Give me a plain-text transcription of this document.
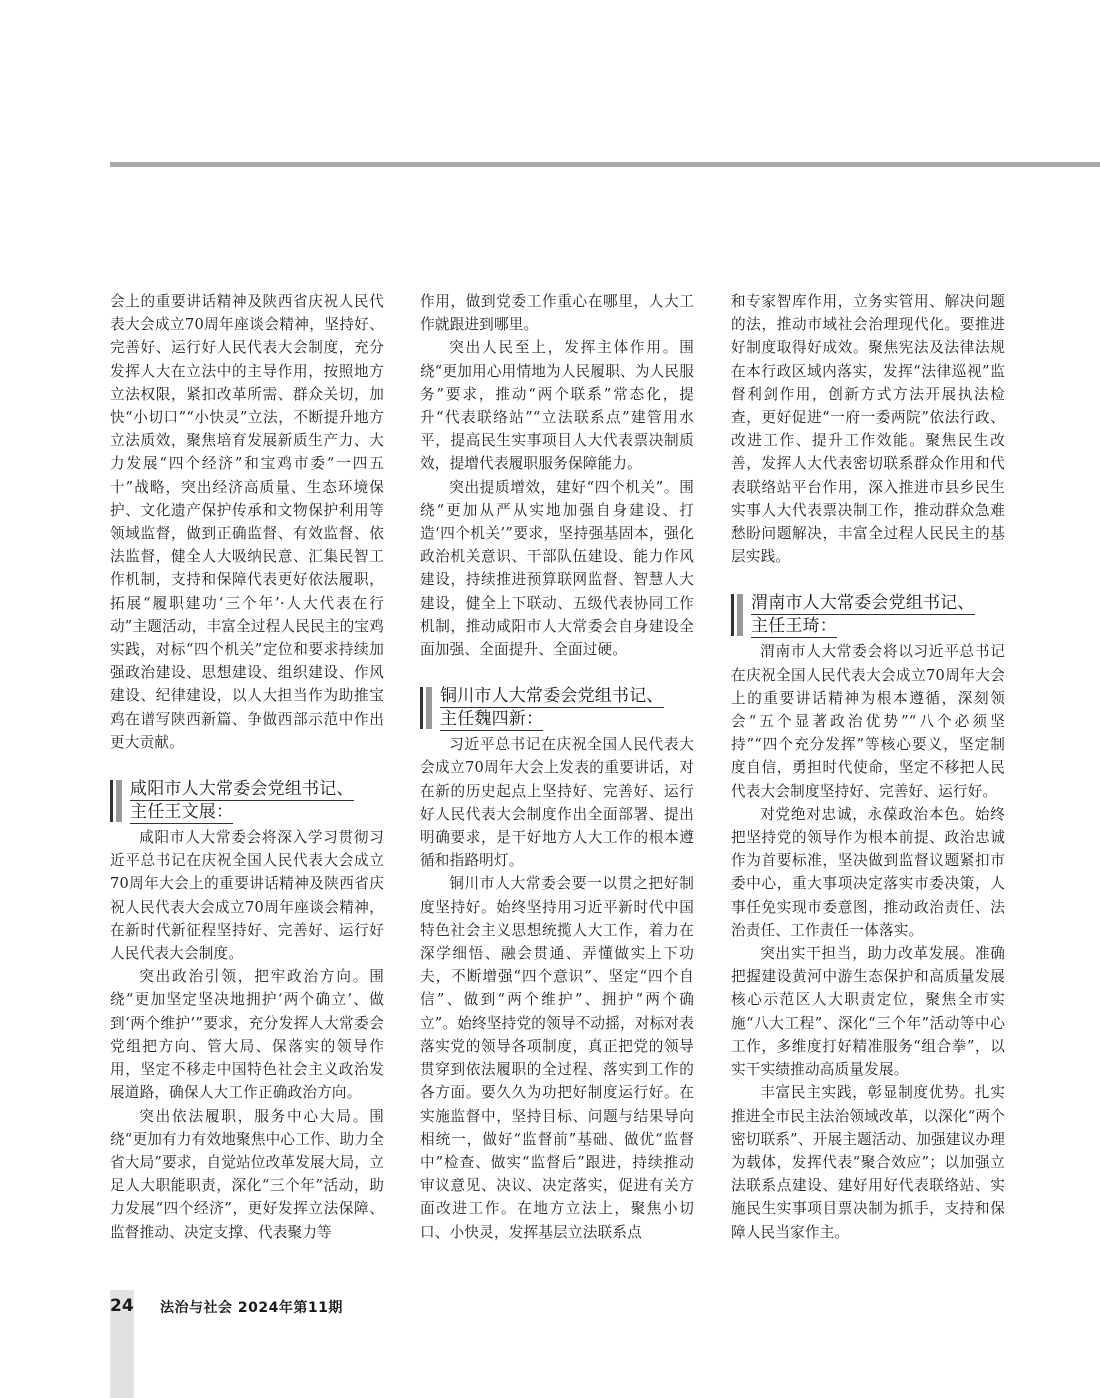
会上的重要讲话精神及陕西省庆祝人民代表大会成立70周年座谈会精神，坚持好、完善好、运行好人民代表大会制度，充分发挥人大在立法中的主导作用，按照地方立法权限，紧扣改革所需、群众关切，加快“小切口”“小快灵”立法，不断提升地方立法质效，聚焦培育发展新质生产力、大力发展“四个经济”和宝鸡市委“一四五十”战略，突出经济高质量、生态环境保护、文化遗产保护传承和文物保护利用等领域监督，做到正确监督、有效监督、依法监督，健全人大吸纳民意、汇集民智工作机制，支持和保障代表更好依法履职，拓展“履职建功‘三个年’·人大代表在行动”主题活动，丰富全过程人民民主的宝鸡实践，对标“四个机关”定位和要求持续加强政治建设、思想建设、组织建设、作风建设、纪律建设，以人大担当作为助推宝鸡在谱写陕西新篇、争做西部示范中作出更大贡献。

咸阳市人大常委会党组书记、
主任王文展：

咸阳市人大常委会将深入学习贯彻习近平总书记在庆祝全国人民代表大会成立70周年大会上的重要讲话精神及陕西省庆祝人民代表大会成立70周年座谈会精神，在新时代新征程坚持好、完善好、运行好人民代表大会制度。

突出政治引领，把牢政治方向。围绕“更加坚定坚决地拥护‘两个确立’、做到‘两个维护’”要求，充分发挥人大常委会党组把方向、管大局、保落实的领导作用，坚定不移走中国特色社会主义政治发展道路，确保人大工作正确政治方向。

突出依法履职，服务中心大局。围绕“更加有力有效地聚焦中心工作、助力全省大局”要求，自觉站位改革发展大局，立足人大职能职责，深化“三个年”活动，助力发展“四个经济”，更好发挥立法保障、监督推动、决定支撑、代表聚力等

作用，做到党委工作重心在哪里，人大工作就跟进到哪里。

突出人民至上，发挥主体作用。围绕“更加用心用情地为人民履职、为人民服务”要求，推动“两个联系”常态化，提升“代表联络站”“立法联系点”建管用水平，提高民生实事项目人大代表票决制质效，提增代表履职服务保障能力。

突出提质增效，建好“四个机关”。围绕“更加从严从实地加强自身建设、打造‘四个机关’”要求，坚持强基固本，强化政治机关意识、干部队伍建设、能力作风建设，持续推进预算联网监督、智慧人大建设，健全上下联动、五级代表协同工作机制，推动咸阳市人大常委会自身建设全面加强、全面提升、全面过硬。

铜川市人大常委会党组书记、
主任魏四新：

习近平总书记在庆祝全国人民代表大会成立70周年大会上发表的重要讲话，对在新的历史起点上坚持好、完善好、运行好人民代表大会制度作出全面部署、提出明确要求，是干好地方人大工作的根本遵循和指路明灯。

铜川市人大常委会要一以贯之把好制度坚持好。始终坚持用习近平新时代中国特色社会主义思想统揽人大工作，着力在深学细悟、融会贯通、弄懂做实上下功夫，不断增强“四个意识”、坚定“四个自信”、做到“两个维护”、拥护“两个确立”。始终坚持党的领导不动摇，对标对表落实党的领导各项制度，真正把党的领导贯穿到依法履职的全过程、落实到工作的各方面。要久久为功把好制度运行好。在实施监督中，坚持目标、问题与结果导向相统一，做好“监督前”基础、做优“监督中”检查、做实“监督后”跟进，持续推动审议意见、决议、决定落实，促进有关方面改进工作。在地方立法上，聚焦小切口、小快灵，发挥基层立法联系点

和专家智库作用，立务实管用、解决问题的法，推动市域社会治理现代化。要推进好制度取得好成效。聚焦宪法及法律法规在本行政区域内落实，发挥“法律巡视”监督利剑作用，创新方式方法开展执法检查，更好促进“一府一委两院”依法行政、改进工作、提升工作效能。聚焦民生改善，发挥人大代表密切联系群众作用和代表联络站平台作用，深入推进市县乡民生实事人大代表票决制工作，推动群众急难愁盼问题解决，丰富全过程人民民主的基层实践。

渭南市人大常委会党组书记、
主任王琦：

渭南市人大常委会将以习近平总书记在庆祝全国人民代表大会成立70周年大会上的重要讲话精神为根本遵循，深刻领会“五个显著政治优势”“八个必须坚持”“四个充分发挥”等核心要义，坚定制度自信，勇担时代使命，坚定不移把人民代表大会制度坚持好、完善好、运行好。

对党绝对忠诚，永葆政治本色。始终把坚持党的领导作为根本前提、政治忠诚作为首要标准，坚决做到监督议题紧扣市委中心，重大事项决定落实市委决策，人事任免实现市委意图，推动政治责任、法治责任、工作责任一体落实。

突出实干担当，助力改革发展。准确把握建设黄河中游生态保护和高质量发展核心示范区人大职责定位，聚焦全市实施“八大工程”、深化“三个年”活动等中心工作，多维度打好精准服务“组合拳”，以实干实绩推动高质量发展。

丰富民主实践，彰显制度优势。扎实推进全市民主法治领域改革，以深化“两个密切联系”、开展主题活动、加强建议办理为载体，发挥代表“聚合效应”；以加强立法联系点建设、建好用好代表联络站、实施民生实事项目票决制为抓手，支持和保障人民当家作主。

24 法治与社会 2024年第11期
